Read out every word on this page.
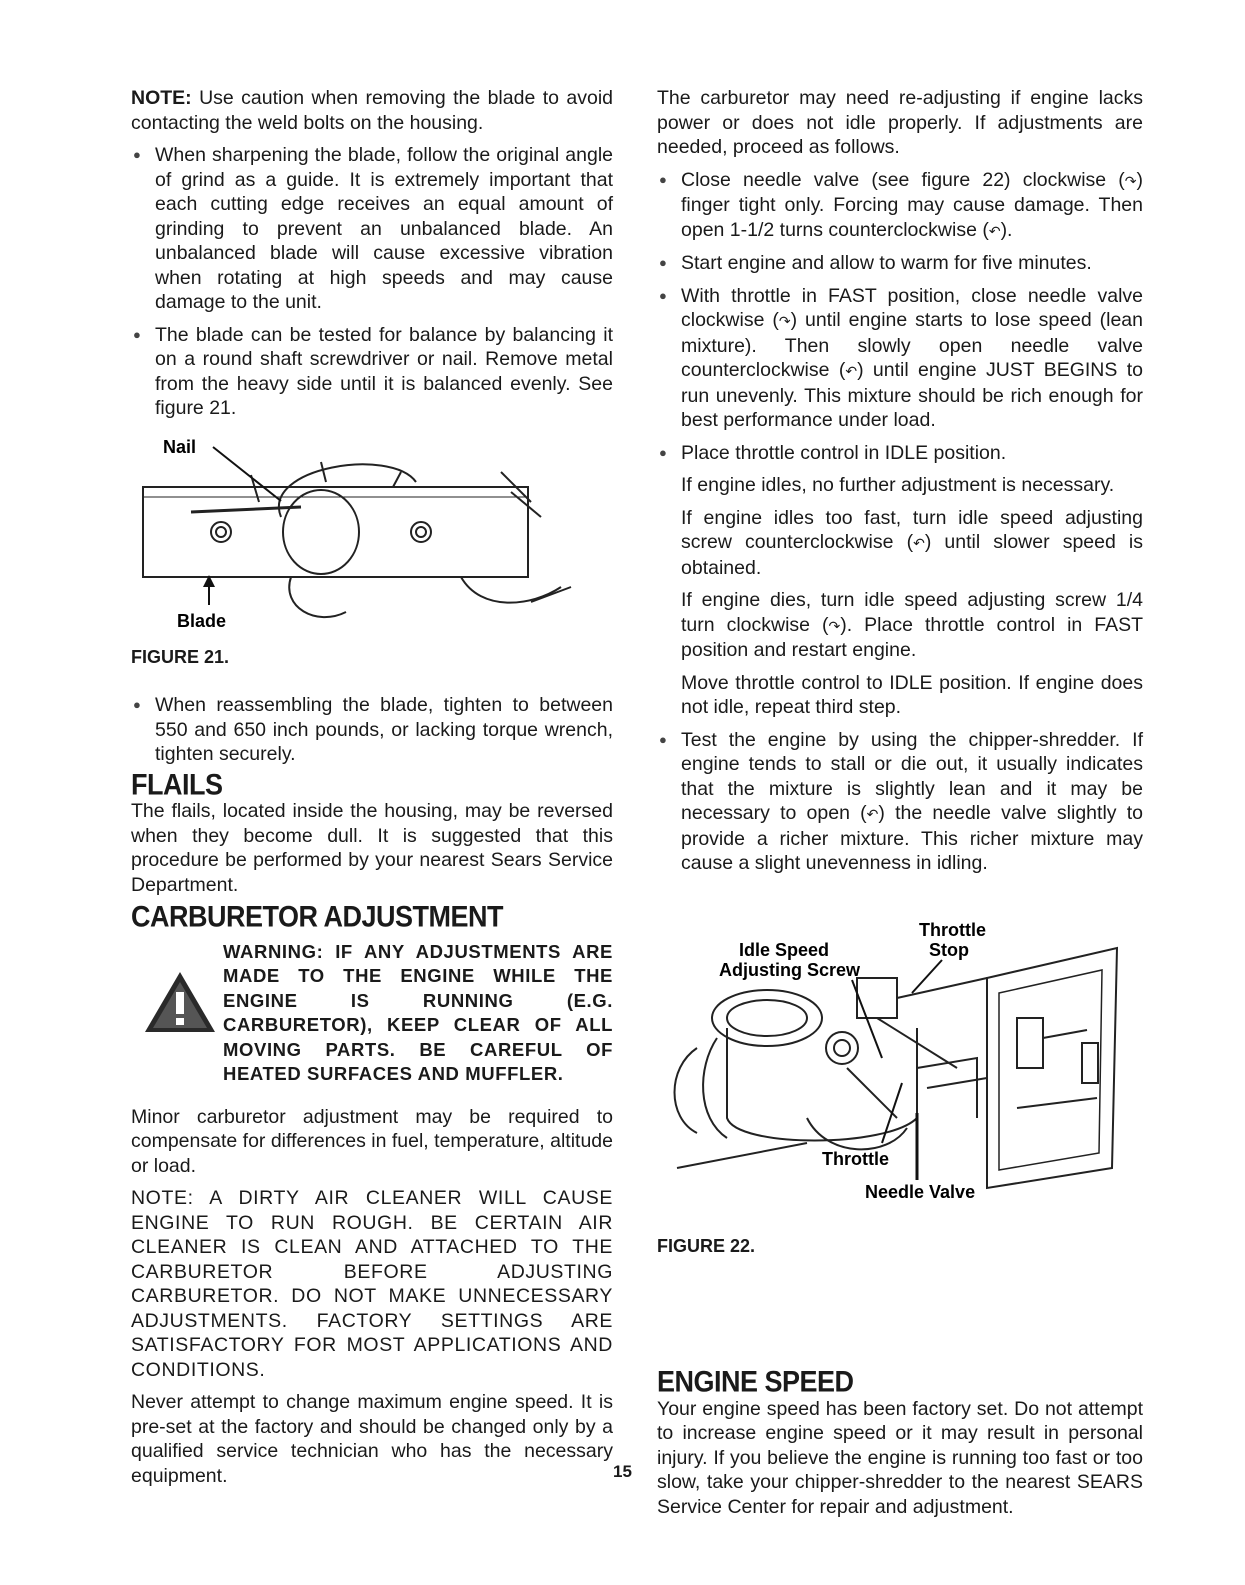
NOTE: Use caution when removing the blade to avoid contacting the weld bolts on the housing.

● When sharpening the blade, follow the original angle of grind as a guide. It is extremely important that each cutting edge receives an equal amount of grinding to prevent an unbalanced blade. An unbalanced blade will cause excessive vibration when rotating at high speeds and may cause damage to the unit.

● The blade can be tested for balance by balancing it on a round shaft screwdriver or nail. Remove metal from the heavy side until it is balanced evenly. See figure 21.

Nail
Blade

FIGURE 21.

● When reassembling the blade, tighten to between 550 and 650 inch pounds, or lacking torque wrench, tighten securely.

FLAILS

The flails, located inside the housing, may be reversed when they become dull. It is suggested that this procedure be performed by your nearest Sears Service Department.

CARBURETOR ADJUSTMENT

WARNING: IF ANY ADJUSTMENTS ARE MADE TO THE ENGINE WHILE THE ENGINE IS RUNNING (E.G. CARBURETOR), KEEP CLEAR OF ALL MOVING PARTS. BE CAREFUL OF HEATED SURFACES AND MUFFLER.

Minor carburetor adjustment may be required to compensate for differences in fuel, temperature, altitude or load.

NOTE: A DIRTY AIR CLEANER WILL CAUSE ENGINE TO RUN ROUGH. BE CERTAIN AIR CLEANER IS CLEAN AND ATTACHED TO THE CARBURETOR BEFORE ADJUSTING CARBURETOR. DO NOT MAKE UNNECESSARY ADJUSTMENTS. FACTORY SETTINGS ARE SATISFACTORY FOR MOST APPLICATIONS AND CONDITIONS.

Never attempt to change maximum engine speed. It is pre-set at the factory and should be changed only by a qualified service technician who has the necessary equipment.

The carburetor may need re-adjusting if engine lacks power or does not idle properly. If adjustments are needed, proceed as follows.

● Close needle valve (see figure 22) clockwise (↷) finger tight only. Forcing may cause damage. Then open 1-1/2 turns counterclockwise (↶).

● Start engine and allow to warm for five minutes.

● With throttle in FAST position, close needle valve clockwise (↷) until engine starts to lose speed (lean mixture). Then slowly open needle valve counterclockwise (↶) until engine JUST BEGINS to run unevenly. This mixture should be rich enough for best performance under load.

● Place throttle control in IDLE position.

If engine idles, no further adjustment is necessary.

If engine idles too fast, turn idle speed adjusting screw counterclockwise (↶) until slower speed is obtained.

If engine dies, turn idle speed adjusting screw 1/4 turn clockwise (↷). Place throttle control in FAST position and restart engine.

Move throttle control to IDLE position. If engine does not idle, repeat third step.

● Test the engine by using the chipper-shredder. If engine tends to stall or die out, it usually indicates that the mixture is slightly lean and it may be necessary to open (↶) the needle valve slightly to provide a richer mixture. This richer mixture may cause a slight unevenness in idling.

Throttle
Stop
Idle Speed
Adjusting Screw
Throttle
Needle Valve

FIGURE 22.

ENGINE SPEED

Your engine speed has been factory set. Do not attempt to increase engine speed or it may result in personal injury. If you believe the engine is running too fast or too slow, take your chipper-shredder to the nearest SEARS Service Center for repair and adjustment.

15
